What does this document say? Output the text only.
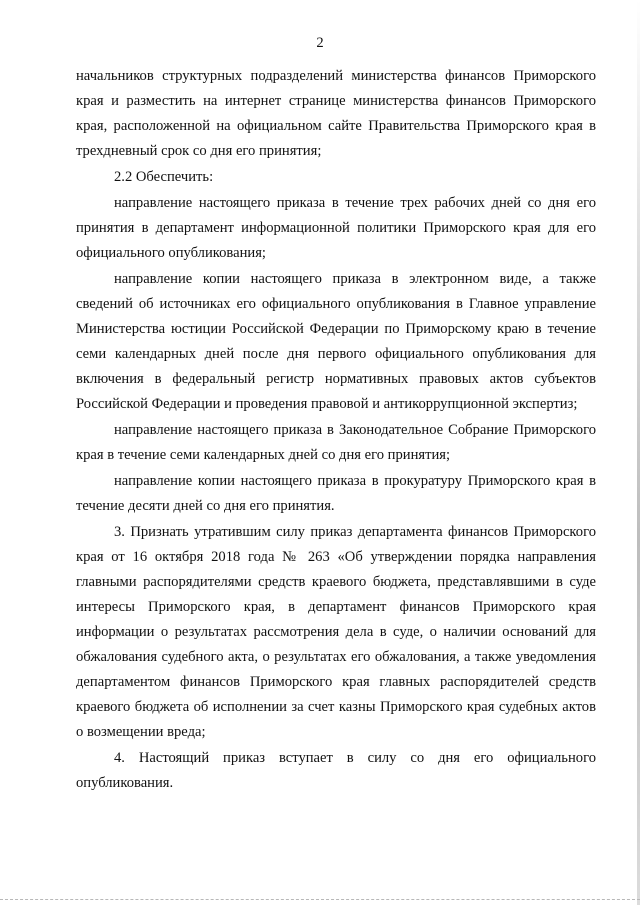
2

начальников структурных подразделений министерства финансов Приморского края и разместить на интернет странице министерства финансов Приморского края, расположенной на официальном сайте Правительства Приморского края в трехдневный срок со дня его принятия;

2.2 Обеспечить:

направление настоящего приказа в течение трех рабочих дней со дня его принятия в департамент информационной политики Приморского края для его официального опубликования;

направление копии настоящего приказа в электронном виде, а также сведений об источниках его официального опубликования в Главное управление Министерства юстиции Российской Федерации по Приморскому краю в течение семи календарных дней после дня первого официального опубликования для включения в федеральный регистр нормативных правовых актов субъектов Российской Федерации и проведения правовой и антикоррупционной экспертиз;

направление настоящего приказа в Законодательное Собрание Приморского края в течение семи календарных дней со дня его принятия;

направление копии настоящего приказа в прокуратуру Приморского края в течение десяти дней со дня его принятия.

3. Признать утратившим силу приказ департамента финансов Приморского края от 16 октября 2018 года № 263 «Об утверждении порядка направления главными распорядителями средств краевого бюджета, представлявшими в суде интересы Приморского края, в департамент финансов Приморского края информации о результатах рассмотрения дела в суде, о наличии оснований для обжалования судебного акта, о результатах его обжалования, а также уведомления департаментом финансов Приморского края главных распорядителей средств краевого бюджета об исполнении за счет казны Приморского края судебных актов о возмещении вреда;

4. Настоящий приказ вступает в силу со дня его официального опубликования.
